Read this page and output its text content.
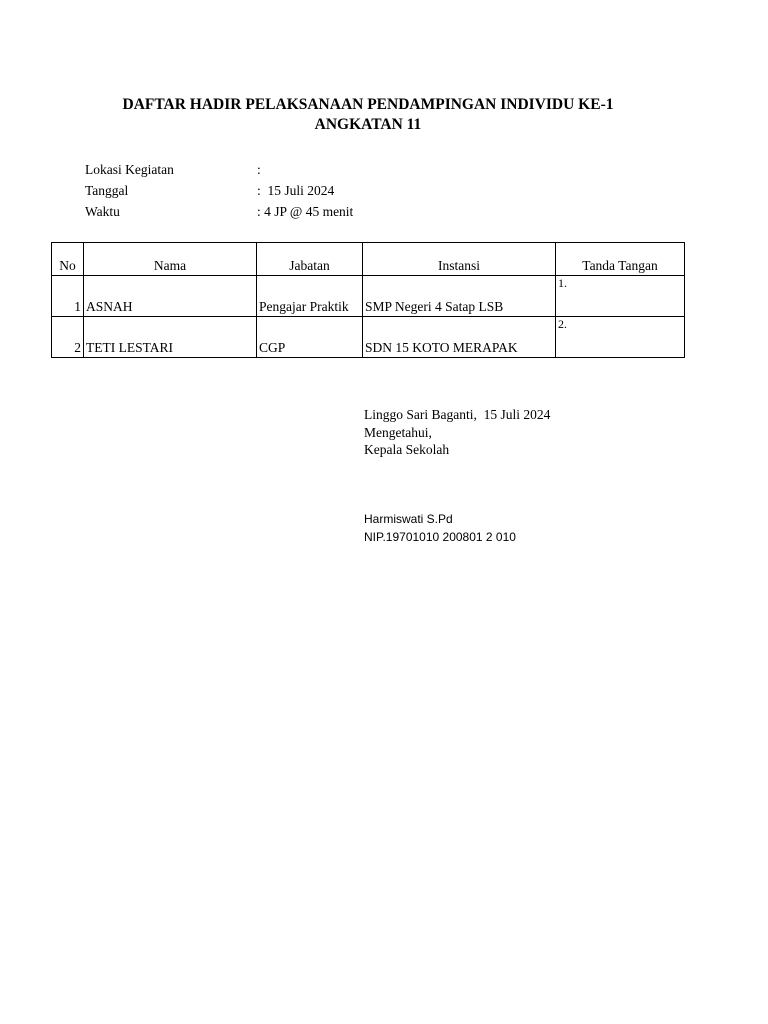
DAFTAR HADIR PELAKSANAAN PENDAMPINGAN INDIVIDU KE-1
ANGKATAN 11
Lokasi Kegiatan	:
Tanggal	:  15 Juli 2024
Waktu	: 4 JP @ 45 menit
No	Nama	Jabatan	Instansi	Tanda Tangan
1	ASNAH	Pengajar Praktik	SMP Negeri 4 Satap LSB	1.
2	TETI LESTARI	CGP	SDN 15 KOTO MERAPAK	2.
Linggo Sari Baganti,  15 Juli 2024
Mengetahui,
Kepala Sekolah
Harmiswati S.Pd
NIP.19701010 200801 2 010
